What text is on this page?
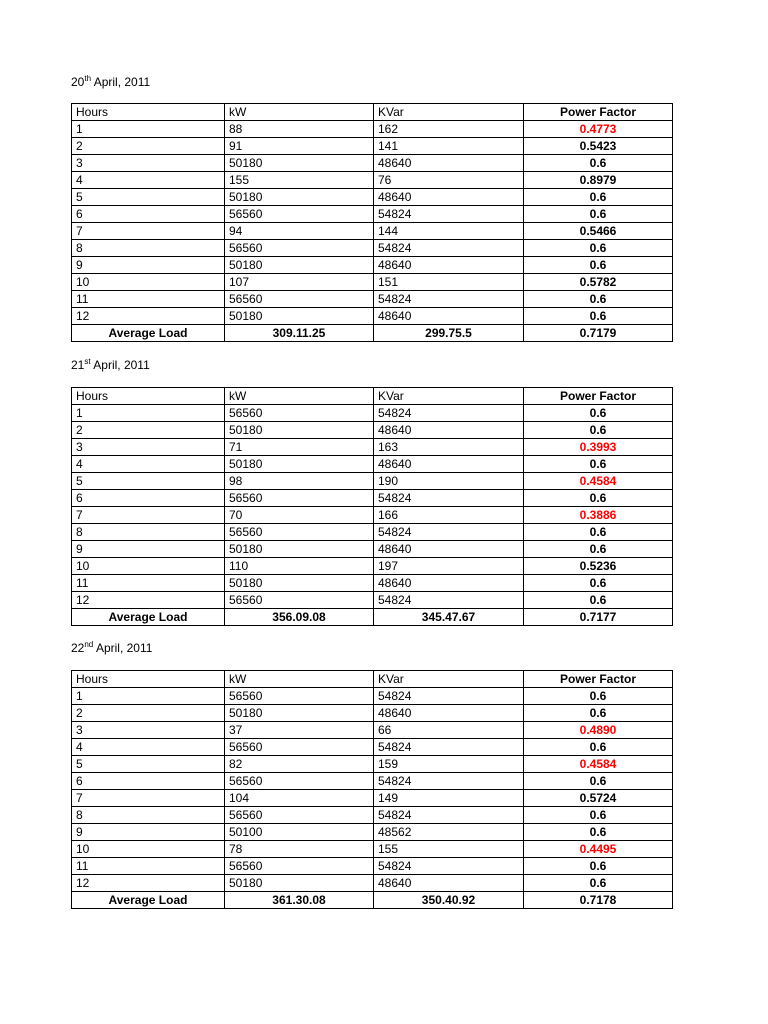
20th April, 2011
Hours	kW	KVar	Power Factor
1	88	162	0.4773
2	91	141	0.5423
3	50180	48640	0.6
4	155	76	0.8979
5	50180	48640	0.6
6	56560	54824	0.6
7	94	144	0.5466
8	56560	54824	0.6
9	50180	48640	0.6
10	107	151	0.5782
11	56560	54824	0.6
12	50180	48640	0.6
Average Load	309.11.25	299.75.5	0.7179
21st April, 2011
Hours	kW	KVar	Power Factor
1	56560	54824	0.6
2	50180	48640	0.6
3	71	163	0.3993
4	50180	48640	0.6
5	98	190	0.4584
6	56560	54824	0.6
7	70	166	0.3886
8	56560	54824	0.6
9	50180	48640	0.6
10	110	197	0.5236
11	50180	48640	0.6
12	56560	54824	0.6
Average Load	356.09.08	345.47.67	0.7177
22nd April, 2011
Hours	kW	KVar	Power Factor
1	56560	54824	0.6
2	50180	48640	0.6
3	37	66	0.4890
4	56560	54824	0.6
5	82	159	0.4584
6	56560	54824	0.6
7	104	149	0.5724
8	56560	54824	0.6
9	50100	48562	0.6
10	78	155	0.4495
11	56560	54824	0.6
12	50180	48640	0.6
Average Load	361.30.08	350.40.92	0.7178
